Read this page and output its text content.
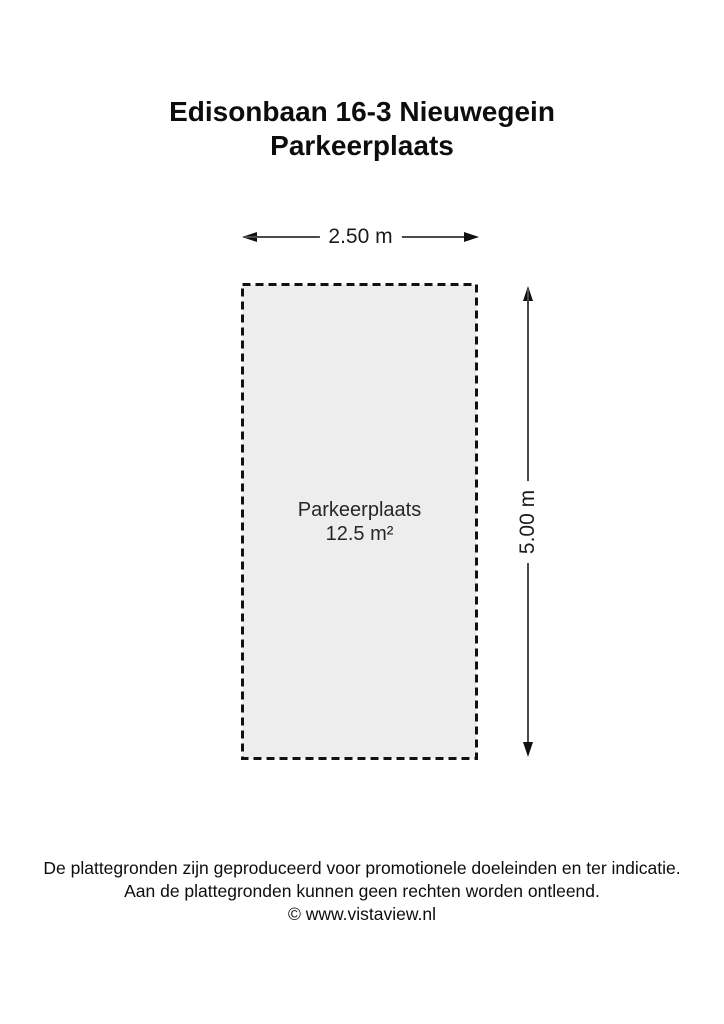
Edisonbaan 16-3 Nieuwegein
Parkeerplaats
2.50 m
Parkeerplaats
12.5 m²	5.00 m
De plattegronden zijn geproduceerd voor promotionele doeleinden en ter indicatie.
Aan de plattegronden kunnen geen rechten worden ontleend.
© www.vistaview.nl
